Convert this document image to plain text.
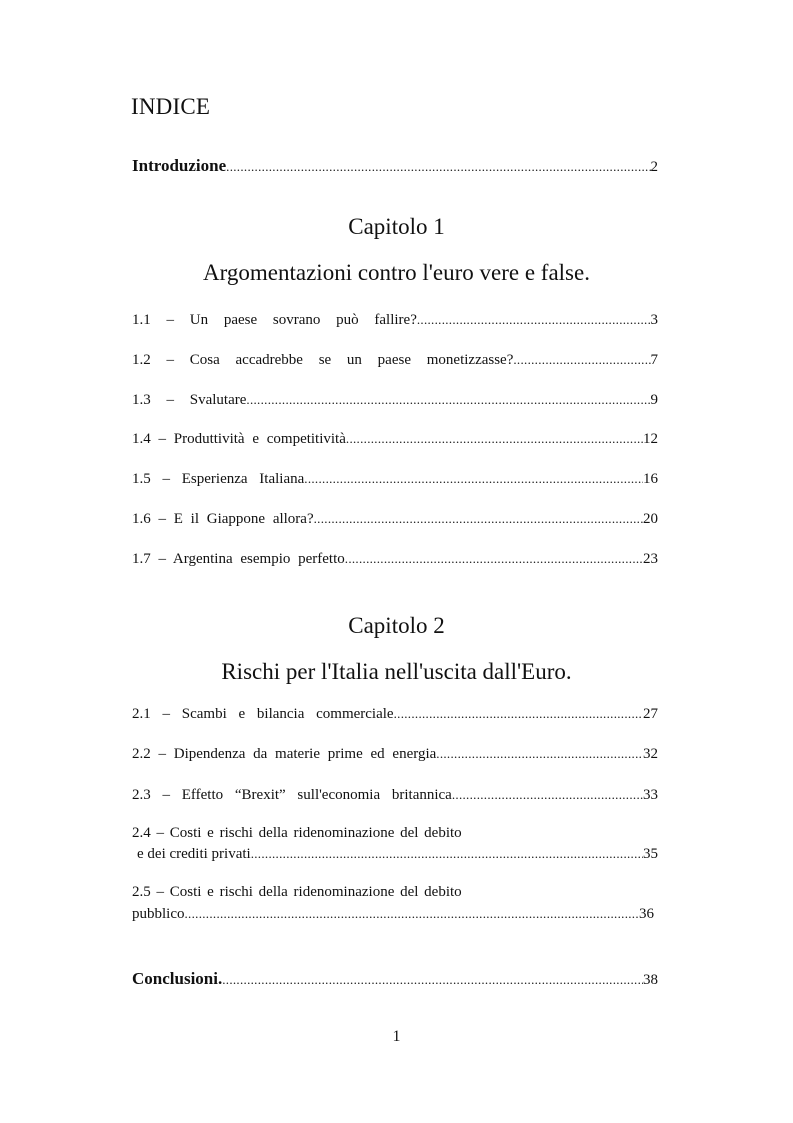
INDICE
Introduzione .....	2
Capitolo 1
Argomentazioni contro l'euro vere e false.
1.1 – Un paese sovrano può fallire? .....	3
1.2 – Cosa accadrebbe se un paese monetizzasse? .....	7
1.3 – Svalutare .....	9
1.4 – Produttività e competitività .....	12
1.5 – Esperienza Italiana .....	16
1.6 – E il Giappone allora? .....	20
1.7 – Argentina esempio perfetto .....	23
Capitolo 2
Rischi per l'Italia nell'uscita dall'Euro.
2.1 – Scambi e bilancia commerciale .....	27
2.2 – Dipendenza da materie prime ed energia .....	32
2.3 – Effetto “Brexit” sull'economia britannica .....	33
2.4 – Costi e rischi della ridenominazione del debito
e dei crediti privati .....	35
2.5 – Costi e rischi della ridenominazione del debito
pubblico .....	36
Conclusioni. .....	38
1
